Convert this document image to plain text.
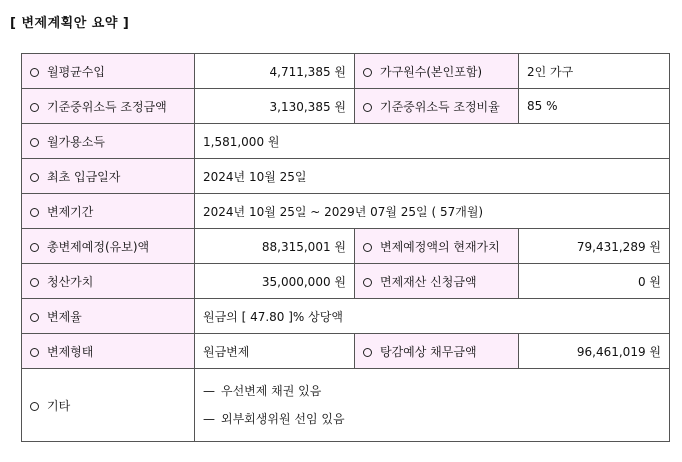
[ 변제계획안 요약 ]
월평균수입	4,711,385 원	가구원수(본인포함)	2인 가구
기준중위소득 조정금액	3,130,385 원	기준중위소득 조정비율	85 %
월가용소득	1,581,000 원		
최초 입금일자	2024년 10월 25일		
변제기간	2024년 10월 25일 ~ 2029년 07월 25일 ( 57개월)		
총변제예정(유보)액	88,315,001 원	변제예정액의 현재가치	79,431,289 원
청산가치	35,000,000 원	면제재산 신청금액	0 원
변제율	원금의 [ 47.80 ]% 상당액		
변제형태	원금변제	탕감예상 채무금액	96,461,019 원
기타	— 우선변제 채권 있음
— 외부회생위원 선임 있음		
